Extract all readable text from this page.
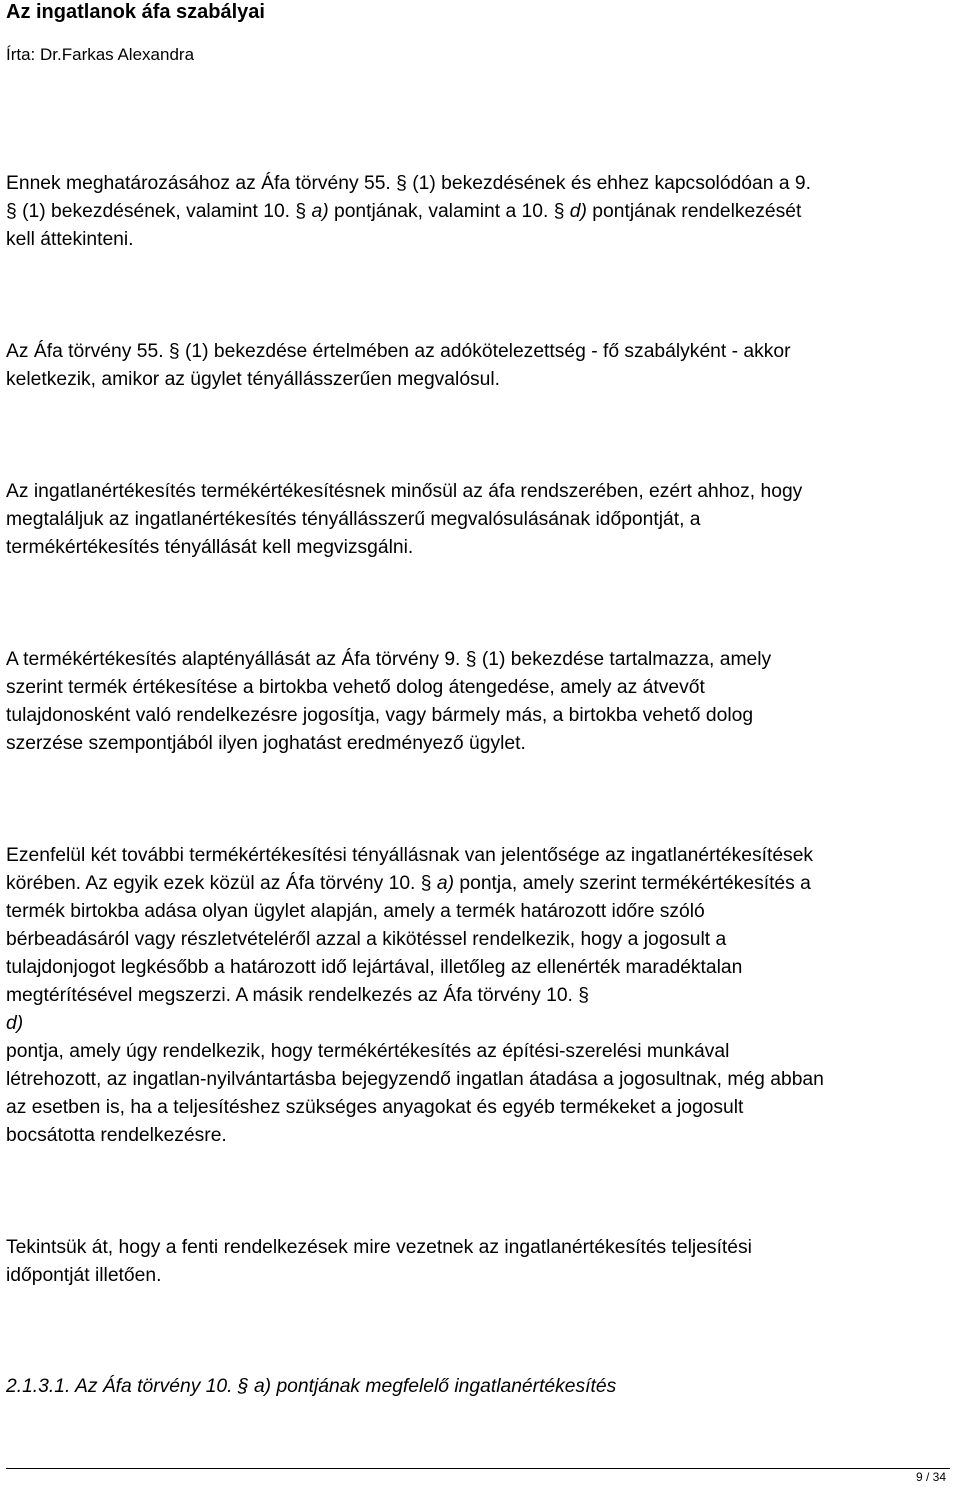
Az ingatlanok áfa szabályai
Írta: Dr.Farkas Alexandra
Ennek meghatározásához az Áfa törvény 55. § (1) bekezdésének és ehhez kapcsolódóan a 9.
§ (1) bekezdésének, valamint 10. § a) pontjának, valamint a 10. § d) pontjának rendelkezését
kell áttekinteni.
Az Áfa törvény 55. § (1) bekezdése értelmében az adókötelezettség - fő szabályként - akkor
keletkezik, amikor az ügylet tényállásszerűen megvalósul.
Az ingatlanértékesítés termékértékesítésnek minősül az áfa rendszerében, ezért ahhoz, hogy
megtaláljuk az ingatlanértékesítés tényállásszerű megvalósulásának időpontját, a
termékértékesítés tényállását kell megvizsgálni.
A termékértékesítés alaptényállását az Áfa törvény 9. § (1) bekezdése tartalmazza, amely
szerint termék értékesítése a birtokba vehető dolog átengedése, amely az átvevőt
tulajdonosként való rendelkezésre jogosítja, vagy bármely más, a birtokba vehető dolog
szerzése szempontjából ilyen joghatást eredményező ügylet.
Ezenfelül két további termékértékesítési tényállásnak van jelentősége az ingatlanértékesítések
körében. Az egyik ezek közül az Áfa törvény 10. § a) pontja, amely szerint termékértékesítés a
termék birtokba adása olyan ügylet alapján, amely a termék határozott időre szóló
bérbeadásáról vagy részletvételéről azzal a kikötéssel rendelkezik, hogy a jogosult a
tulajdonjogot legkésőbb a határozott idő lejártával, illetőleg az ellenérték maradéktalan
megtérítésével megszerzi. A másik rendelkezés az Áfa törvény 10. §
d)
pontja, amely úgy rendelkezik, hogy termékértékesítés az építési-szerelési munkával
létrehozott, az ingatlan-nyilvántartásba bejegyzendő ingatlan átadása a jogosultnak, még abban
az esetben is, ha a teljesítéshez szükséges anyagokat és egyéb termékeket a jogosult
bocsátotta rendelkezésre.
Tekintsük át, hogy a fenti rendelkezések mire vezetnek az ingatlanértékesítés teljesítési
időpontját illetően.
2.1.3.1. Az Áfa törvény 10. § a) pontjának megfelelő ingatlanértékesítés
9 / 34
